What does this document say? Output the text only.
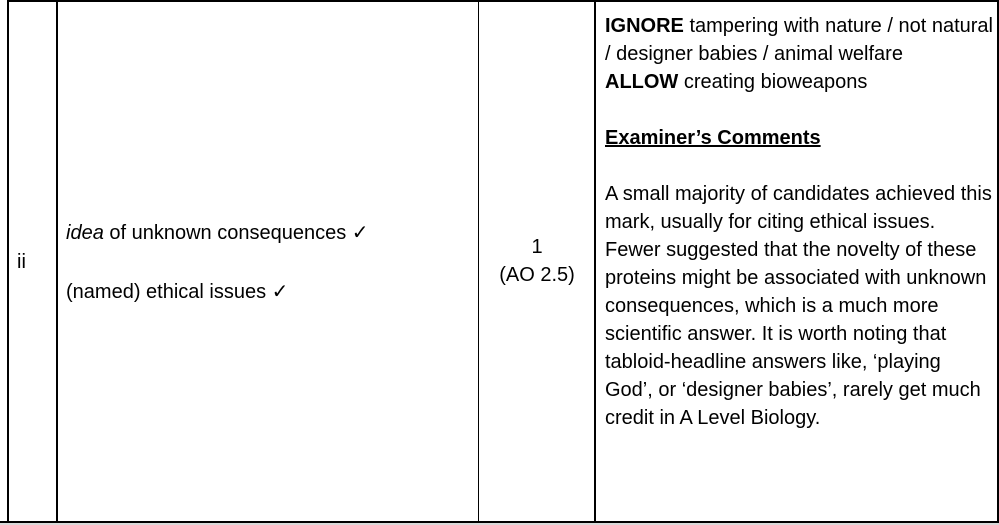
ii
idea of unknown consequences ✓
(named) ethical issues ✓
1
(AO 2.5)
IGNORE tampering with nature / not natural / designer babies / animal welfare
ALLOW creating bioweapons
Examiner’s Comments
A small majority of candidates achieved this mark, usually for citing ethical issues. Fewer suggested that the novelty of these proteins might be associated with unknown consequences, which is a much more scientific answer. It is worth noting that tabloid-headline answers like, ‘playing God’, or ‘designer babies’, rarely get much credit in A Level Biology.
